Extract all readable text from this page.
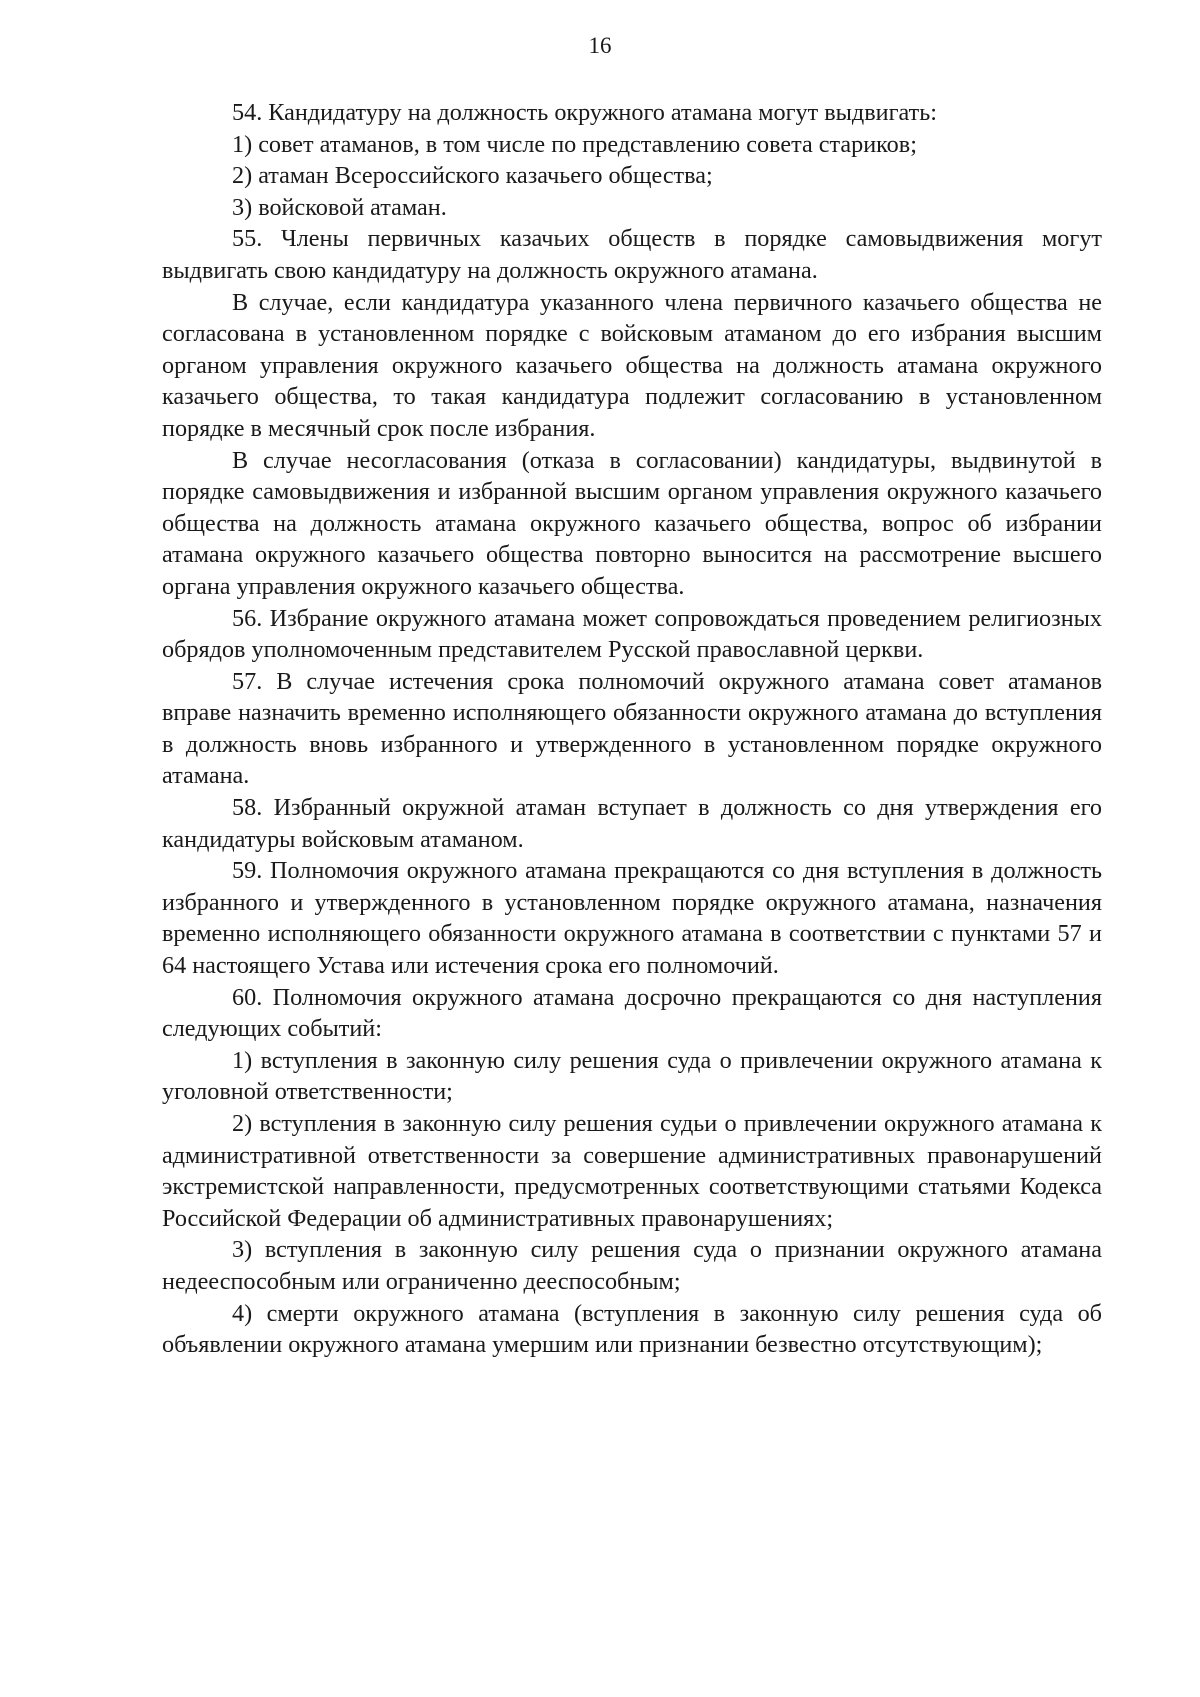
16

54. Кандидатуру на должность окружного атамана могут выдвигать:

1) совет атаманов, в том числе по представлению совета стариков;

2) атаман Всероссийского казачьего общества;

3) войсковой атаман.

55. Члены первичных казачьих обществ в порядке самовыдвижения могут выдвигать свою кандидатуру на должность окружного атамана.

В случае, если кандидатура указанного члена первичного казачьего общества не согласована в установленном порядке с войсковым атаманом до его избрания высшим органом управления окружного казачьего общества на должность атамана окружного казачьего общества, то такая кандидатура подлежит согласованию в установленном порядке в месячный срок после избрания.

В случае несогласования (отказа в согласовании) кандидатуры, выдвинутой в порядке самовыдвижения и избранной высшим органом управления окружного казачьего общества на должность атамана окружного казачьего общества, вопрос об избрании атамана окружного казачьего общества повторно выносится на рассмотрение высшего органа управления окружного казачьего общества.

56. Избрание окружного атамана может сопровождаться проведением религиозных обрядов уполномоченным представителем Русской православной церкви.

57. В случае истечения срока полномочий окружного атамана совет атаманов вправе назначить временно исполняющего обязанности окружного атамана до вступления в должность вновь избранного и утвержденного в установленном порядке окружного атамана.

58. Избранный окружной атаман вступает в должность со дня утверждения его кандидатуры войсковым атаманом.

59. Полномочия окружного атамана прекращаются со дня вступления в должность избранного и утвержденного в установленном порядке окружного атамана, назначения временно исполняющего обязанности окружного атамана в соответствии с пунктами 57 и 64 настоящего Устава или истечения срока его полномочий.

60. Полномочия окружного атамана досрочно прекращаются со дня наступления следующих событий:

1) вступления в законную силу решения суда о привлечении окружного атамана к уголовной ответственности;

2) вступления в законную силу решения судьи о привлечении окружного атамана к административной ответственности за совершение административных правонарушений экстремистской направленности, предусмотренных соответствующими статьями Кодекса Российской Федерации об административных правонарушениях;

3) вступления в законную силу решения суда о признании окружного атамана недееспособным или ограниченно дееспособным;

4) смерти окружного атамана (вступления в законную силу решения суда об объявлении окружного атамана умершим или признании безвестно отсутствующим);
